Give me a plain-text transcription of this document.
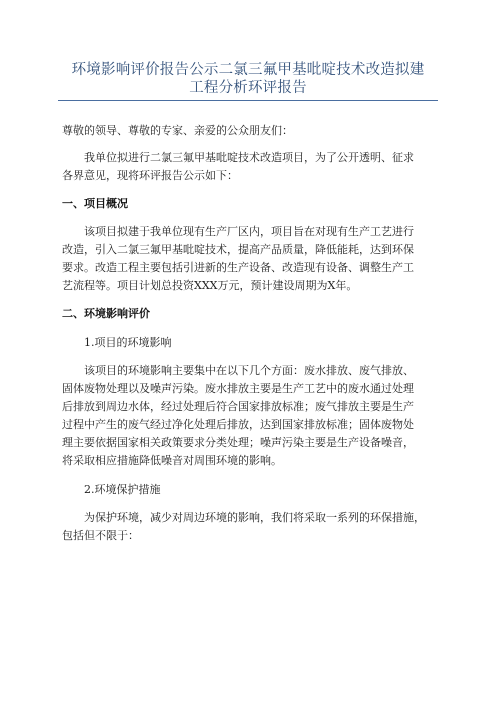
环境影响评价报告公示二氯三氟甲基吡啶技术改造拟建
工程分析环评报告
尊敬的领导、尊敬的专家、亲爱的公众朋友们：
我单位拟进行二氯三氟甲基吡啶技术改造项目，为了公开透明、征求
各界意见，现将环评报告公示如下：
一、项目概况
该项目拟建于我单位现有生产厂区内，项目旨在对现有生产工艺进行
改造，引入二氯三氟甲基吡啶技术，提高产品质量，降低能耗，达到环保
要求。改造工程主要包括引进新的生产设备、改造现有设备、调整生产工
艺流程等。项目计划总投资XXX万元，预计建设周期为X年。
二、环境影响评价
1.项目的环境影响
该项目的环境影响主要集中在以下几个方面：废水排放、废气排放、
固体废物处理以及噪声污染。废水排放主要是生产工艺中的废水通过处理
后排放到周边水体，经过处理后符合国家排放标准；废气排放主要是生产
过程中产生的废气经过净化处理后排放，达到国家排放标准；固体废物处
理主要依据国家相关政策要求分类处理；噪声污染主要是生产设备噪音，
将采取相应措施降低噪音对周围环境的影响。
2.环境保护措施
为保护环境，减少对周边环境的影响，我们将采取一系列的环保措施，
包括但不限于：
